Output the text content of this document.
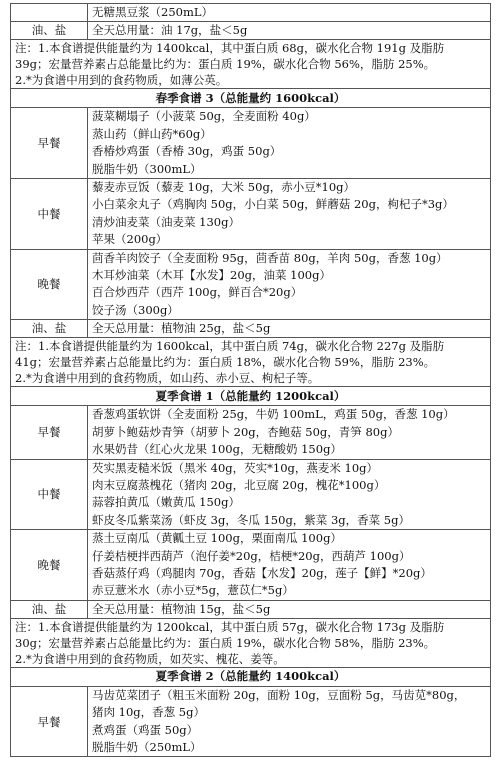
	无糖黑豆浆（250mL）

油、盐	全天总用量：油 17g，盐＜5g

注：1.本食谱提供能量约为 1400kcal，其中蛋白质 68g，碳水化合物 191g 及脂肪
39g；宏量营养素占总能量比约为：蛋白质 19%，碳水化合物 56%，脂肪 25%。
2.*为食谱中用到的食药物质，如薄公英。	

春季食谱 3（总能量约 1600kcal）	
早餐	菠菜糊塌子（小菠菜 50g，全麦面粉 40g）
蒸山药（鲜山药*60g）
香椿炒鸡蛋（香椿 30g，鸡蛋 50g）
脱脂牛奶（300mL）

中餐	藜麦赤豆饭（藜麦 10g，大米 50g，赤小豆*10g）
小白菜汆丸子（鸡胸肉 50g，小白菜 50g，鲜蘑菇 20g，枸杞子*3g）
清炒油麦菜（油麦菜 130g）
苹果（200g）

晚餐	茴香羊肉饺子（全麦面粉 95g，茴香苗 80g，羊肉 50g，香葱 10g）
木耳炒油菜（木耳【水发】20g，油菜 100g）
百合炒西芹（西芹 100g，鲜百合*20g）
饺子汤（300g）

油、盐	全天总用量：植物油 25g，盐＜5g

注：1.本食谱提供能量约为 1600kcal，其中蛋白质 74g，碳水化合物 227g 及脂肪
41g；宏量营养素占总能量比约为：蛋白质 18%，碳水化合物 59%，脂肪 23%。
2.*为食谱中用到的食药物质，如山药、赤小豆、枸杞子等。	

夏季食谱 1（总能量约 1200kcal）	
早餐	香葱鸡蛋软饼（全麦面粉 25g，牛奶 100mL，鸡蛋 50g，香葱 10g）
胡萝卜鲍菇炒青笋（胡萝卜 20g，杏鲍菇 50g，青笋 80g）
水果奶昔（红心火龙果 100g，无糖酸奶 150g）

中餐	芡实黑麦糙米饭（黑米 40g，芡实*10g，燕麦米 10g）
肉末豆腐蒸槐花（猪肉 20g，北豆腐 20g，槐花*100g）
蒜蓉拍黄瓜（嫩黄瓜 150g）
虾皮冬瓜紫菜汤（虾皮 3g，冬瓜 150g，紫菜 3g，香菜 5g）

晚餐	蒸土豆南瓜（黄瓤土豆 100g，栗面南瓜 100g）
仔姜桔梗拌西葫芦（泡仔姜*20g，桔梗*20g，西葫芦 100g）
香菇蒸仔鸡（鸡腿肉 70g，香菇【水发】20g，莲子【鲜】*20g）
赤豆薏米水（赤小豆*5g，薏苡仁*5g）

油、盐	全天总用量：植物油 15g，盐＜5g

注：1.本食谱提供能量约为 1200kcal，其中蛋白质 57g，碳水化合物 173g 及脂肪
30g；宏量营养素占总能量比约为：蛋白质 19%，碳水化合物 58%，脂肪 23%。
2.*为食谱中用到的食药物质，如芡实、槐花、姜等。	

夏季食谱 2（总能量约 1400kcal）	
早餐	马齿苋菜团子（粗玉米面粉 20g，面粉 10g，豆面粉 5g，马齿苋*80g，
猪肉 10g，香葱 5g）
煮鸡蛋（鸡蛋 50g）
脱脂牛奶（250mL）
